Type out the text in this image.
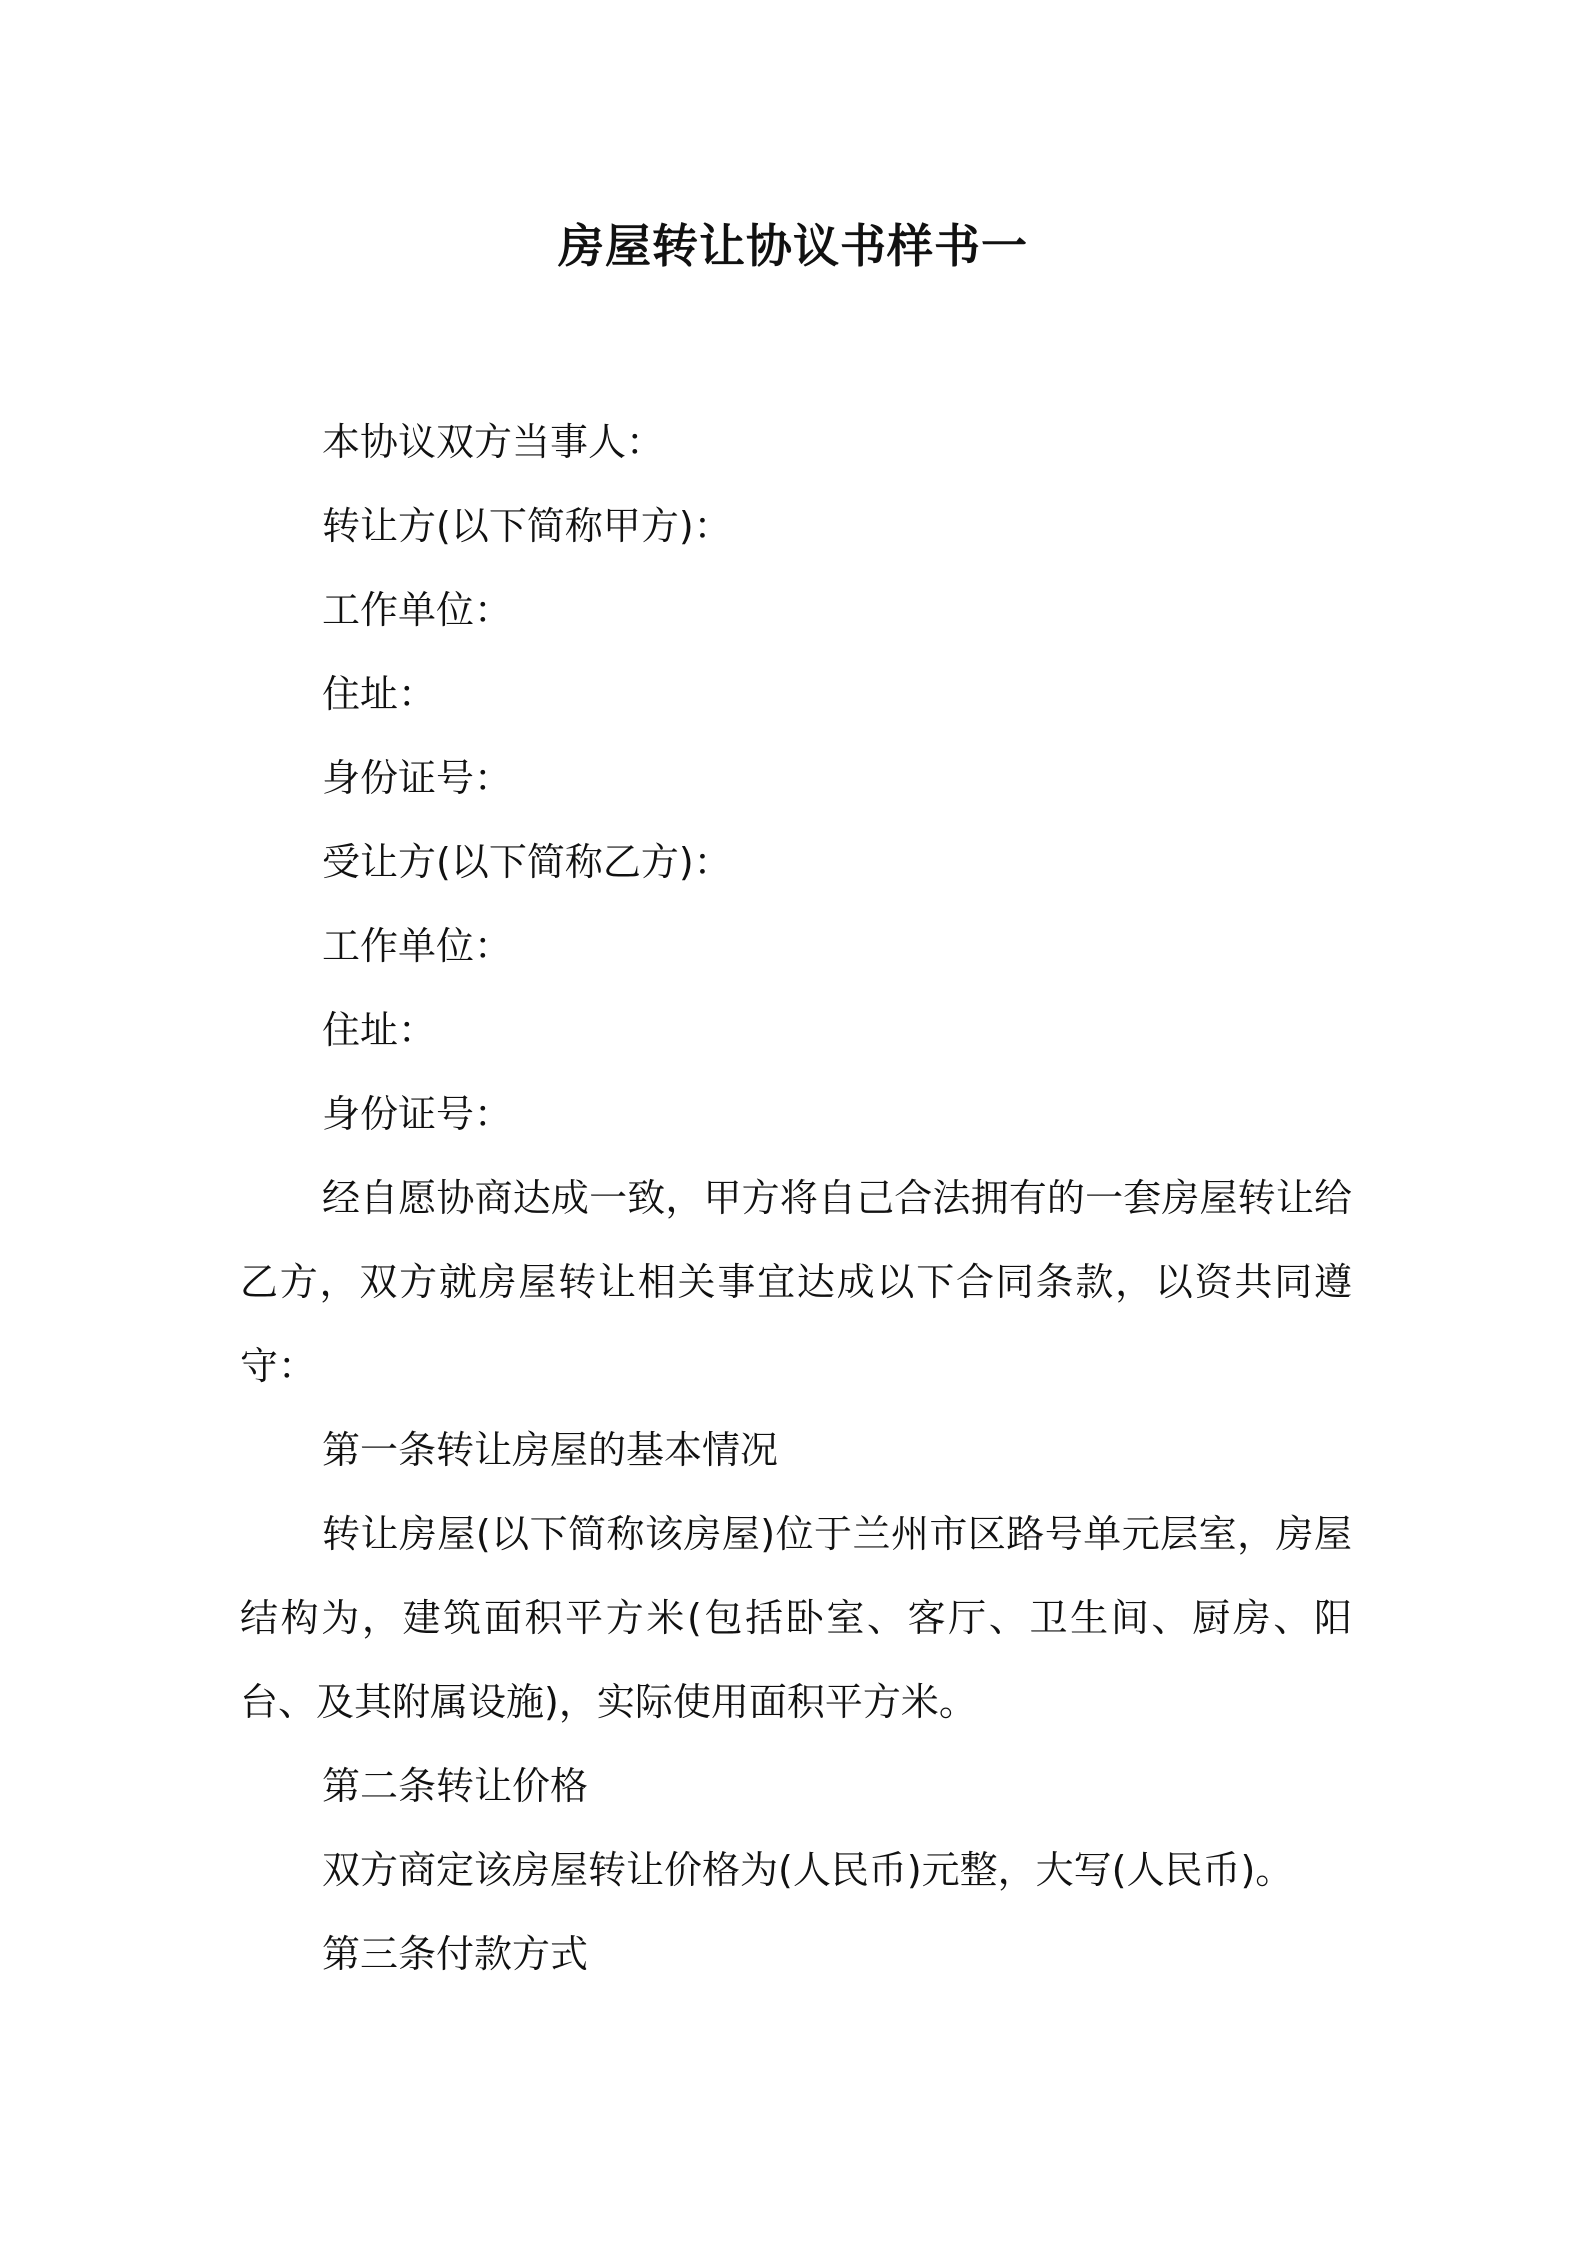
房屋转让协议书样书一
本协议双方当事人：
转让方(以下简称甲方)：
工作单位：
住址：
身份证号：
受让方(以下简称乙方)：
工作单位：
住址：
身份证号：
经自愿协商达成一致，甲方将自己合法拥有的一套房屋转让给乙方，双方就房屋转让相关事宜达成以下合同条款，以资共同遵守：
第一条转让房屋的基本情况
转让房屋(以下简称该房屋)位于兰州市区路号单元层室，房屋结构为，建筑面积平方米(包括卧室、客厅、卫生间、厨房、阳台、及其附属设施)，实际使用面积平方米。
第二条转让价格
双方商定该房屋转让价格为(人民币)元整，大写(人民币)。
第三条付款方式
